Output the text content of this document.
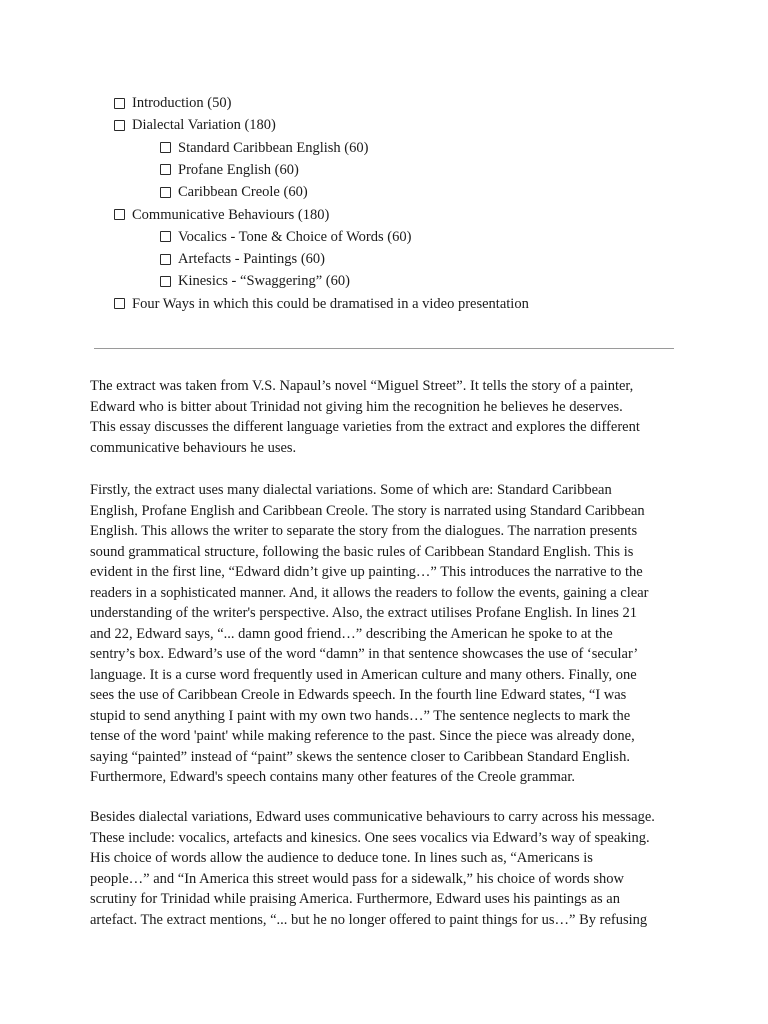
Introduction (50)
Dialectal Variation (180)
Standard Caribbean English (60)
Profane English (60)
Caribbean Creole (60)
Communicative Behaviours (180)
Vocalics - Tone & Choice of Words (60)
Artefacts - Paintings (60)
Kinesics - “Swaggering” (60)
Four Ways in which this could be dramatised in a video presentation
The extract was taken from V.S. Napaul’s novel “Miguel Street”. It tells the story of a painter,
Edward who is bitter about Trinidad not giving him the recognition he believes he deserves.
This essay discusses the different language varieties from the extract and explores the different
communicative behaviours he uses.
Firstly, the extract uses many dialectal variations. Some of which are: Standard Caribbean
English, Profane English and Caribbean Creole. The story is narrated using Standard Caribbean
English. This allows the writer to separate the story from the dialogues. The narration presents
sound grammatical structure, following the basic rules of Caribbean Standard English. This is
evident in the first line, “Edward didn’t give up painting…” This introduces the narrative to the
readers in a sophisticated manner. And, it allows the readers to follow the events, gaining a clear
understanding of the writer's perspective. Also, the extract utilises Profane English. In lines 21
and 22, Edward says, “... damn good friend…” describing the American he spoke to at the
sentry’s box. Edward’s use of the word “damn” in that sentence showcases the use of ‘secular’
language. It is a curse word frequently used in American culture and many others. Finally, one
sees the use of Caribbean Creole in Edwards speech. In the fourth line Edward states, “I was
stupid to send anything I paint with my own two hands…” The sentence neglects to mark the
tense of the word 'paint' while making reference to the past. Since the piece was already done,
saying “painted” instead of “paint” skews the sentence closer to Caribbean Standard English.
Furthermore, Edward's speech contains many other features of the Creole grammar.
Besides dialectal variations, Edward uses communicative behaviours to carry across his message.
These include: vocalics, artefacts and kinesics. One sees vocalics via Edward’s way of speaking.
His choice of words allow the audience to deduce tone. In lines such as, “Americans is
people…” and “In America this street would pass for a sidewalk,” his choice of words show
scrutiny for Trinidad while praising America. Furthermore, Edward uses his paintings as an
artefact. The extract mentions, “... but he no longer offered to paint things for us…” By refusing
